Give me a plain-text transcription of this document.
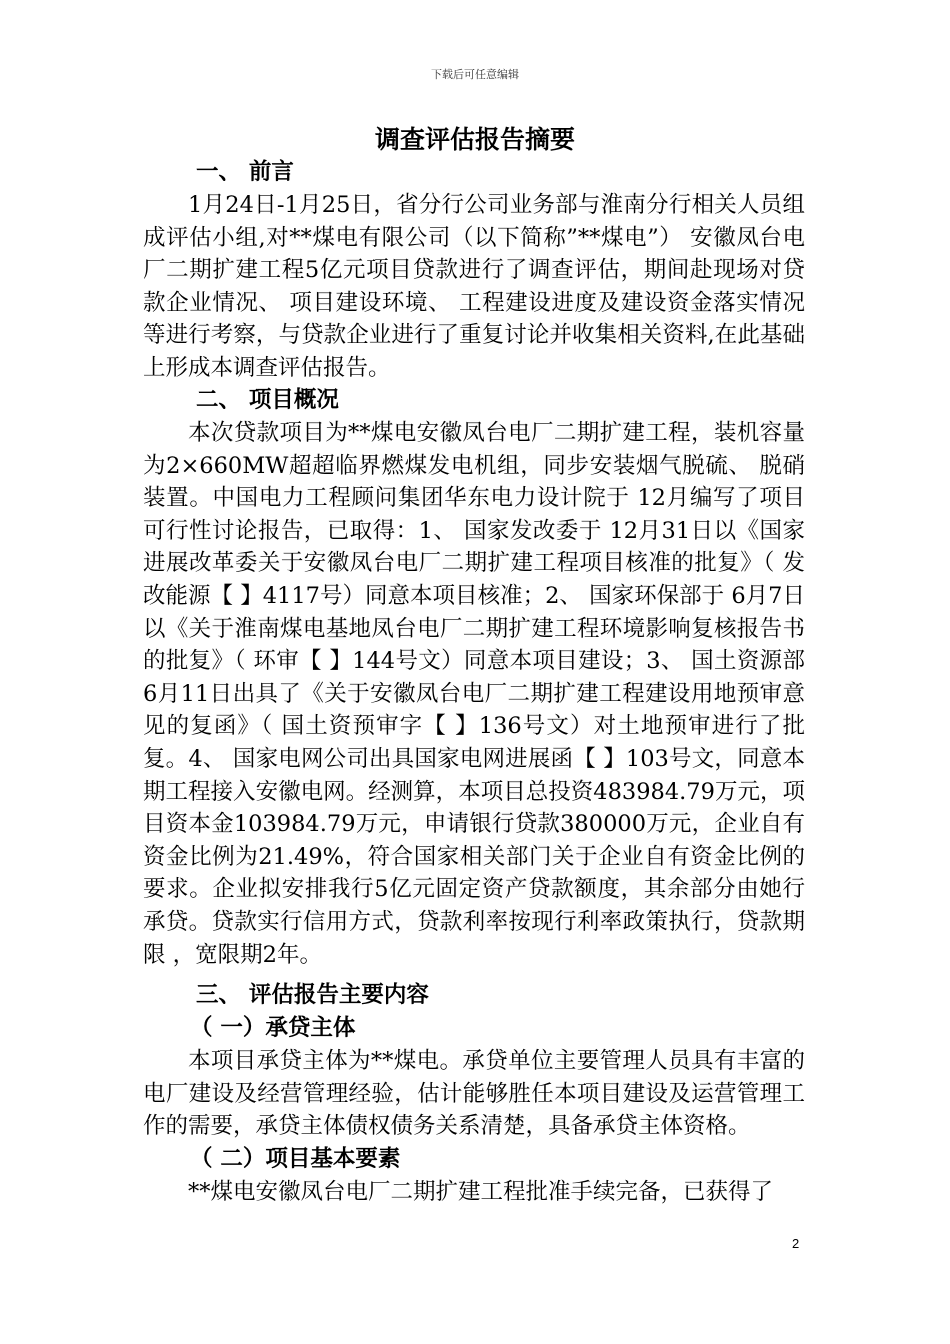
下载后可任意编辑
调查评估报告摘要
一、 前言

1月24日-1月25日，省分行公司业务部与淮南分行相关人员组成评估小组,对**煤电有限公司（以下简称”**煤电”） 安徽凤台电厂二期扩建工程5亿元项目贷款进行了调查评估，期间赴现场对贷款企业情况、 项目建设环境、 工程建设进度及建设资金落实情况等进行考察，与贷款企业进行了重复讨论并收集相关资料,在此基础上形成本调查评估报告。

二、 项目概况

本次贷款项目为**煤电安徽凤台电厂二期扩建工程，装机容量为2×660MW超超临界燃煤发电机组，同步安装烟气脱硫、 脱硝装置。中国电力工程顾问集团华东电力设计院于 12月编写了项目可行性讨论报告，已取得：1、 国家发改委于 12月31日以《国家进展改革委关于安徽凤台电厂二期扩建工程项目核准的批复》（ 发改能源【 】4117号）同意本项目核准；2、 国家环保部于 6月7日以《关于淮南煤电基地凤台电厂二期扩建工程环境影响复核报告书的批复》（ 环审【 】144号文）同意本项目建设；3、 国土资源部 6月11日出具了《关于安徽凤台电厂二期扩建工程建设用地预审意见的复函》（ 国土资预审字【 】136号文）对土地预审进行了批复。4、 国家电网公司出具国家电网进展函【 】103号文，同意本期工程接入安徽电网。经测算，本项目总投资483984.79万元，项目资本金103984.79万元，申请银行贷款380000万元，企业自有资金比例为21.49%，符合国家相关部门关于企业自有资金比例的要求。企业拟安排我行5亿元固定资产贷款额度，其余部分由她行承贷。贷款实行信用方式，贷款利率按现行利率政策执行，贷款期限 ，宽限期2年。

三、 评估报告主要内容
（ 一）承贷主体

本项目承贷主体为**煤电。承贷单位主要管理人员具有丰富的电厂建设及经营管理经验，估计能够胜任本项目建设及运营管理工作的需要，承贷主体债权债务关系清楚，具备承贷主体资格。

（ 二）项目基本要素

**煤电安徽凤台电厂二期扩建工程批准手续完备，已获得了

2
